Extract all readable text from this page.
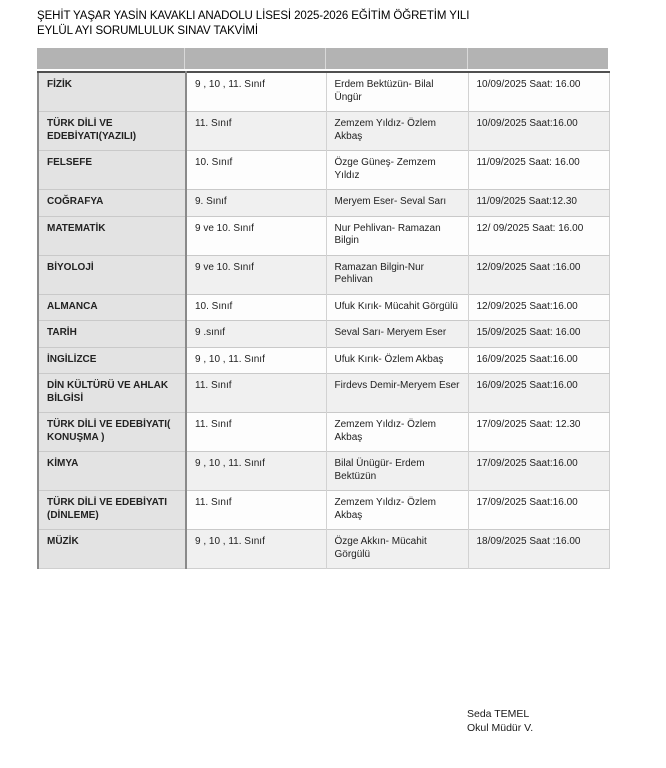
ŞEHİT YAŞAR YASİN KAVAKLI ANADOLU LİSESİ 2025-2026 EĞİTİM ÖĞRETİM YILI
EYLÜL AYI SORUMLULUK SINAV TAKVİMİ
FİZİK	9 , 10 , 11. Sınıf	Erdem Bektüzün- Bilal Üngür	10/09/2025 Saat: 16.00
TÜRK DİLİ VE EDEBİYATI(YAZILI)	11. Sınıf	Zemzem Yıldız- Özlem Akbaş	10/09/2025 Saat:16.00
FELSEFE	10. Sınıf	Özge Güneş- Zemzem Yıldız	11/09/2025 Saat: 16.00
COĞRAFYA	9. Sınıf	Meryem Eser- Seval Sarı	11/09/2025 Saat:12.30
MATEMATİK	9 ve 10. Sınıf	Nur Pehlivan- Ramazan Bilgin	12/ 09/2025 Saat: 16.00
BİYOLOJİ	9 ve 10. Sınıf	Ramazan Bilgin-Nur Pehlivan	12/09/2025 Saat :16.00
ALMANCA	10. Sınıf	Ufuk Kırık- Mücahit Görgülü	12/09/2025 Saat:16.00
TARİH	9 .sınıf	Seval Sarı- Meryem Eser	15/09/2025 Saat: 16.00
İNGİLİZCE	9 , 10 , 11. Sınıf	Ufuk Kırık- Özlem Akbaş	16/09/2025 Saat:16.00
DİN KÜLTÜRÜ VE AHLAK BİLGİSİ	11. Sınıf	Firdevs Demir-Meryem Eser	16/09/2025 Saat:16.00
TÜRK DİLİ VE EDEBİYATI( KONUŞMA )	11. Sınıf	Zemzem Yıldız- Özlem Akbaş	17/09/2025 Saat: 12.30
KİMYA	9 , 10 , 11. Sınıf	Bilal Ünügür- Erdem Bektüzün	17/09/2025 Saat:16.00
TÜRK DİLİ VE EDEBİYATI (DİNLEME)	11. Sınıf	Zemzem Yıldız- Özlem Akbaş	17/09/2025 Saat:16.00
MÜZİK	9 , 10 , 11. Sınıf	Özge Akkın- Mücahit Görgülü	18/09/2025 Saat :16.00
Seda TEMEL
Okul Müdür V.
